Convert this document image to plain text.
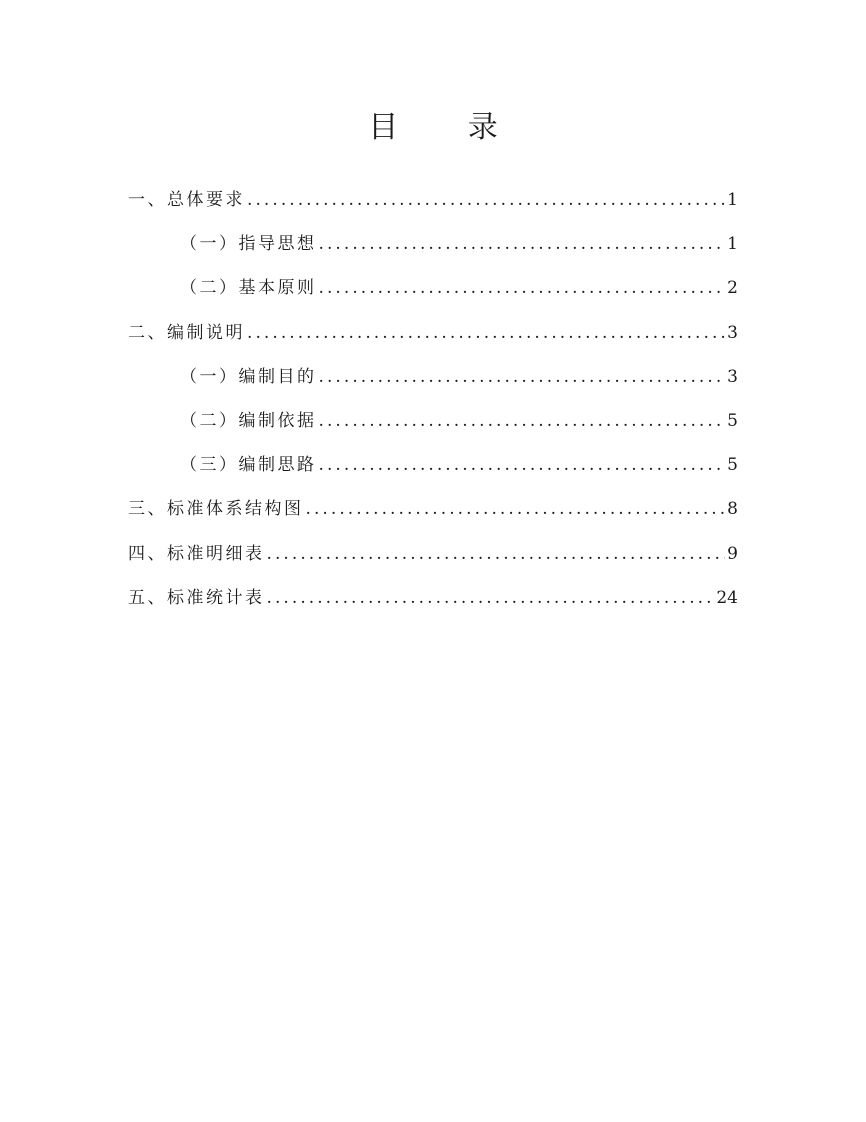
目 录
一、总体要求 .....	1
（一）指导思想 .....	1
（二）基本原则 .....	2
二、编制说明 .....	3
（一）编制目的 .....	3
（二）编制依据 .....	5
（三）编制思路 .....	5
三、标准体系结构图 .....	8
四、标准明细表 .....	9
五、标准统计表 .....	24
